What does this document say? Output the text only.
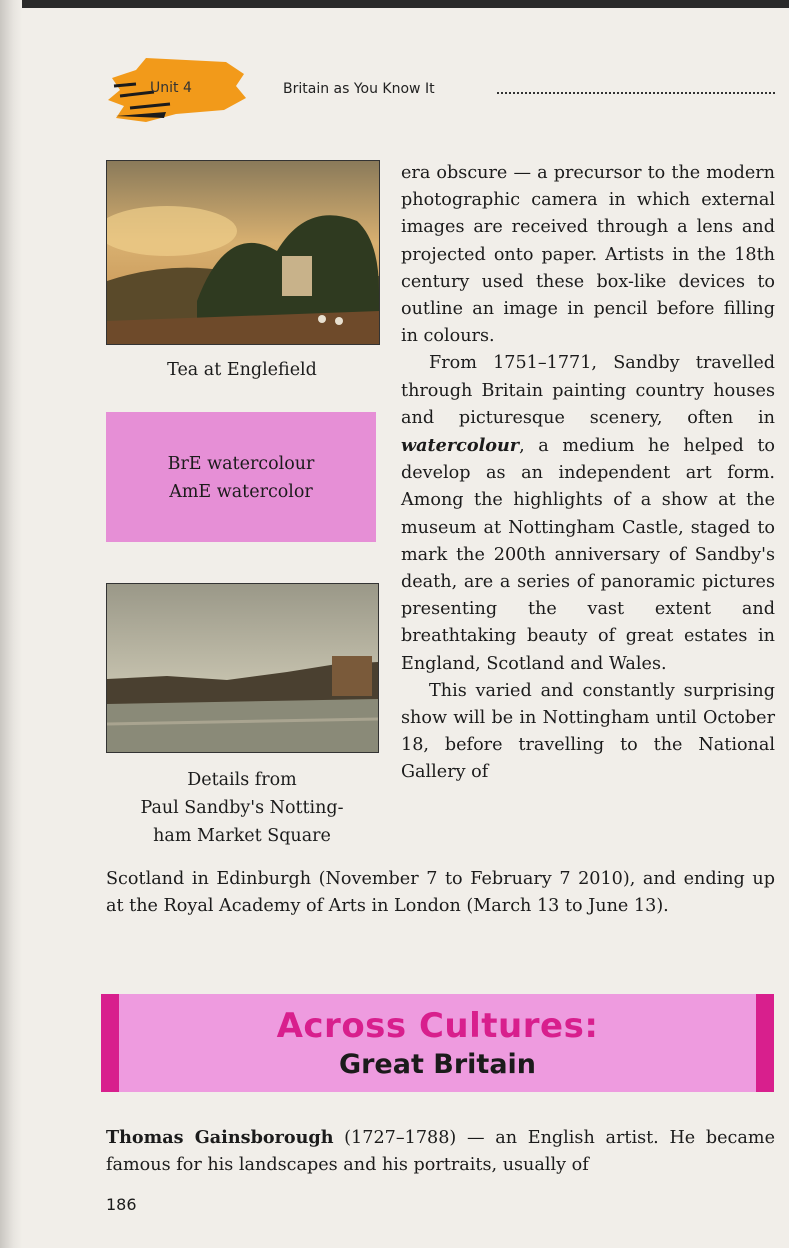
Unit 4	Britain as You Know It
Tea at Englefield
BrE watercolour
AmE watercolor
Details from
Paul Sandby's Notting-
ham Market Square

era obscure — a precursor to the modern photographic camera in which external images are received through a lens and projected onto paper. Artists in the 18th century used these box-like devices to outline an image in pencil before filling in colours.

From 1751–1771, Sandby travelled through Britain painting country houses and picturesque scenery, often in watercolour, a medium he helped to develop as an independent art form. Among the highlights of a show at the museum at Nottingham Castle, staged to mark the 200th anniversary of Sandby's death, are a series of panoramic pictures presenting the vast extent and breathtaking beauty of great estates in England, Scotland and Wales.

This varied and constantly surprising show will be in Nottingham until October 18, before travelling to the National Gallery of

Scotland in Edinburgh (November 7 to February 7 2010), and ending up at the Royal Academy of Arts in London (March 13 to June 13).
Across Cultures:
Great Britain
Thomas Gainsborough (1727–1788) — an English artist. He became famous for his landscapes and his portraits, usually of
186
